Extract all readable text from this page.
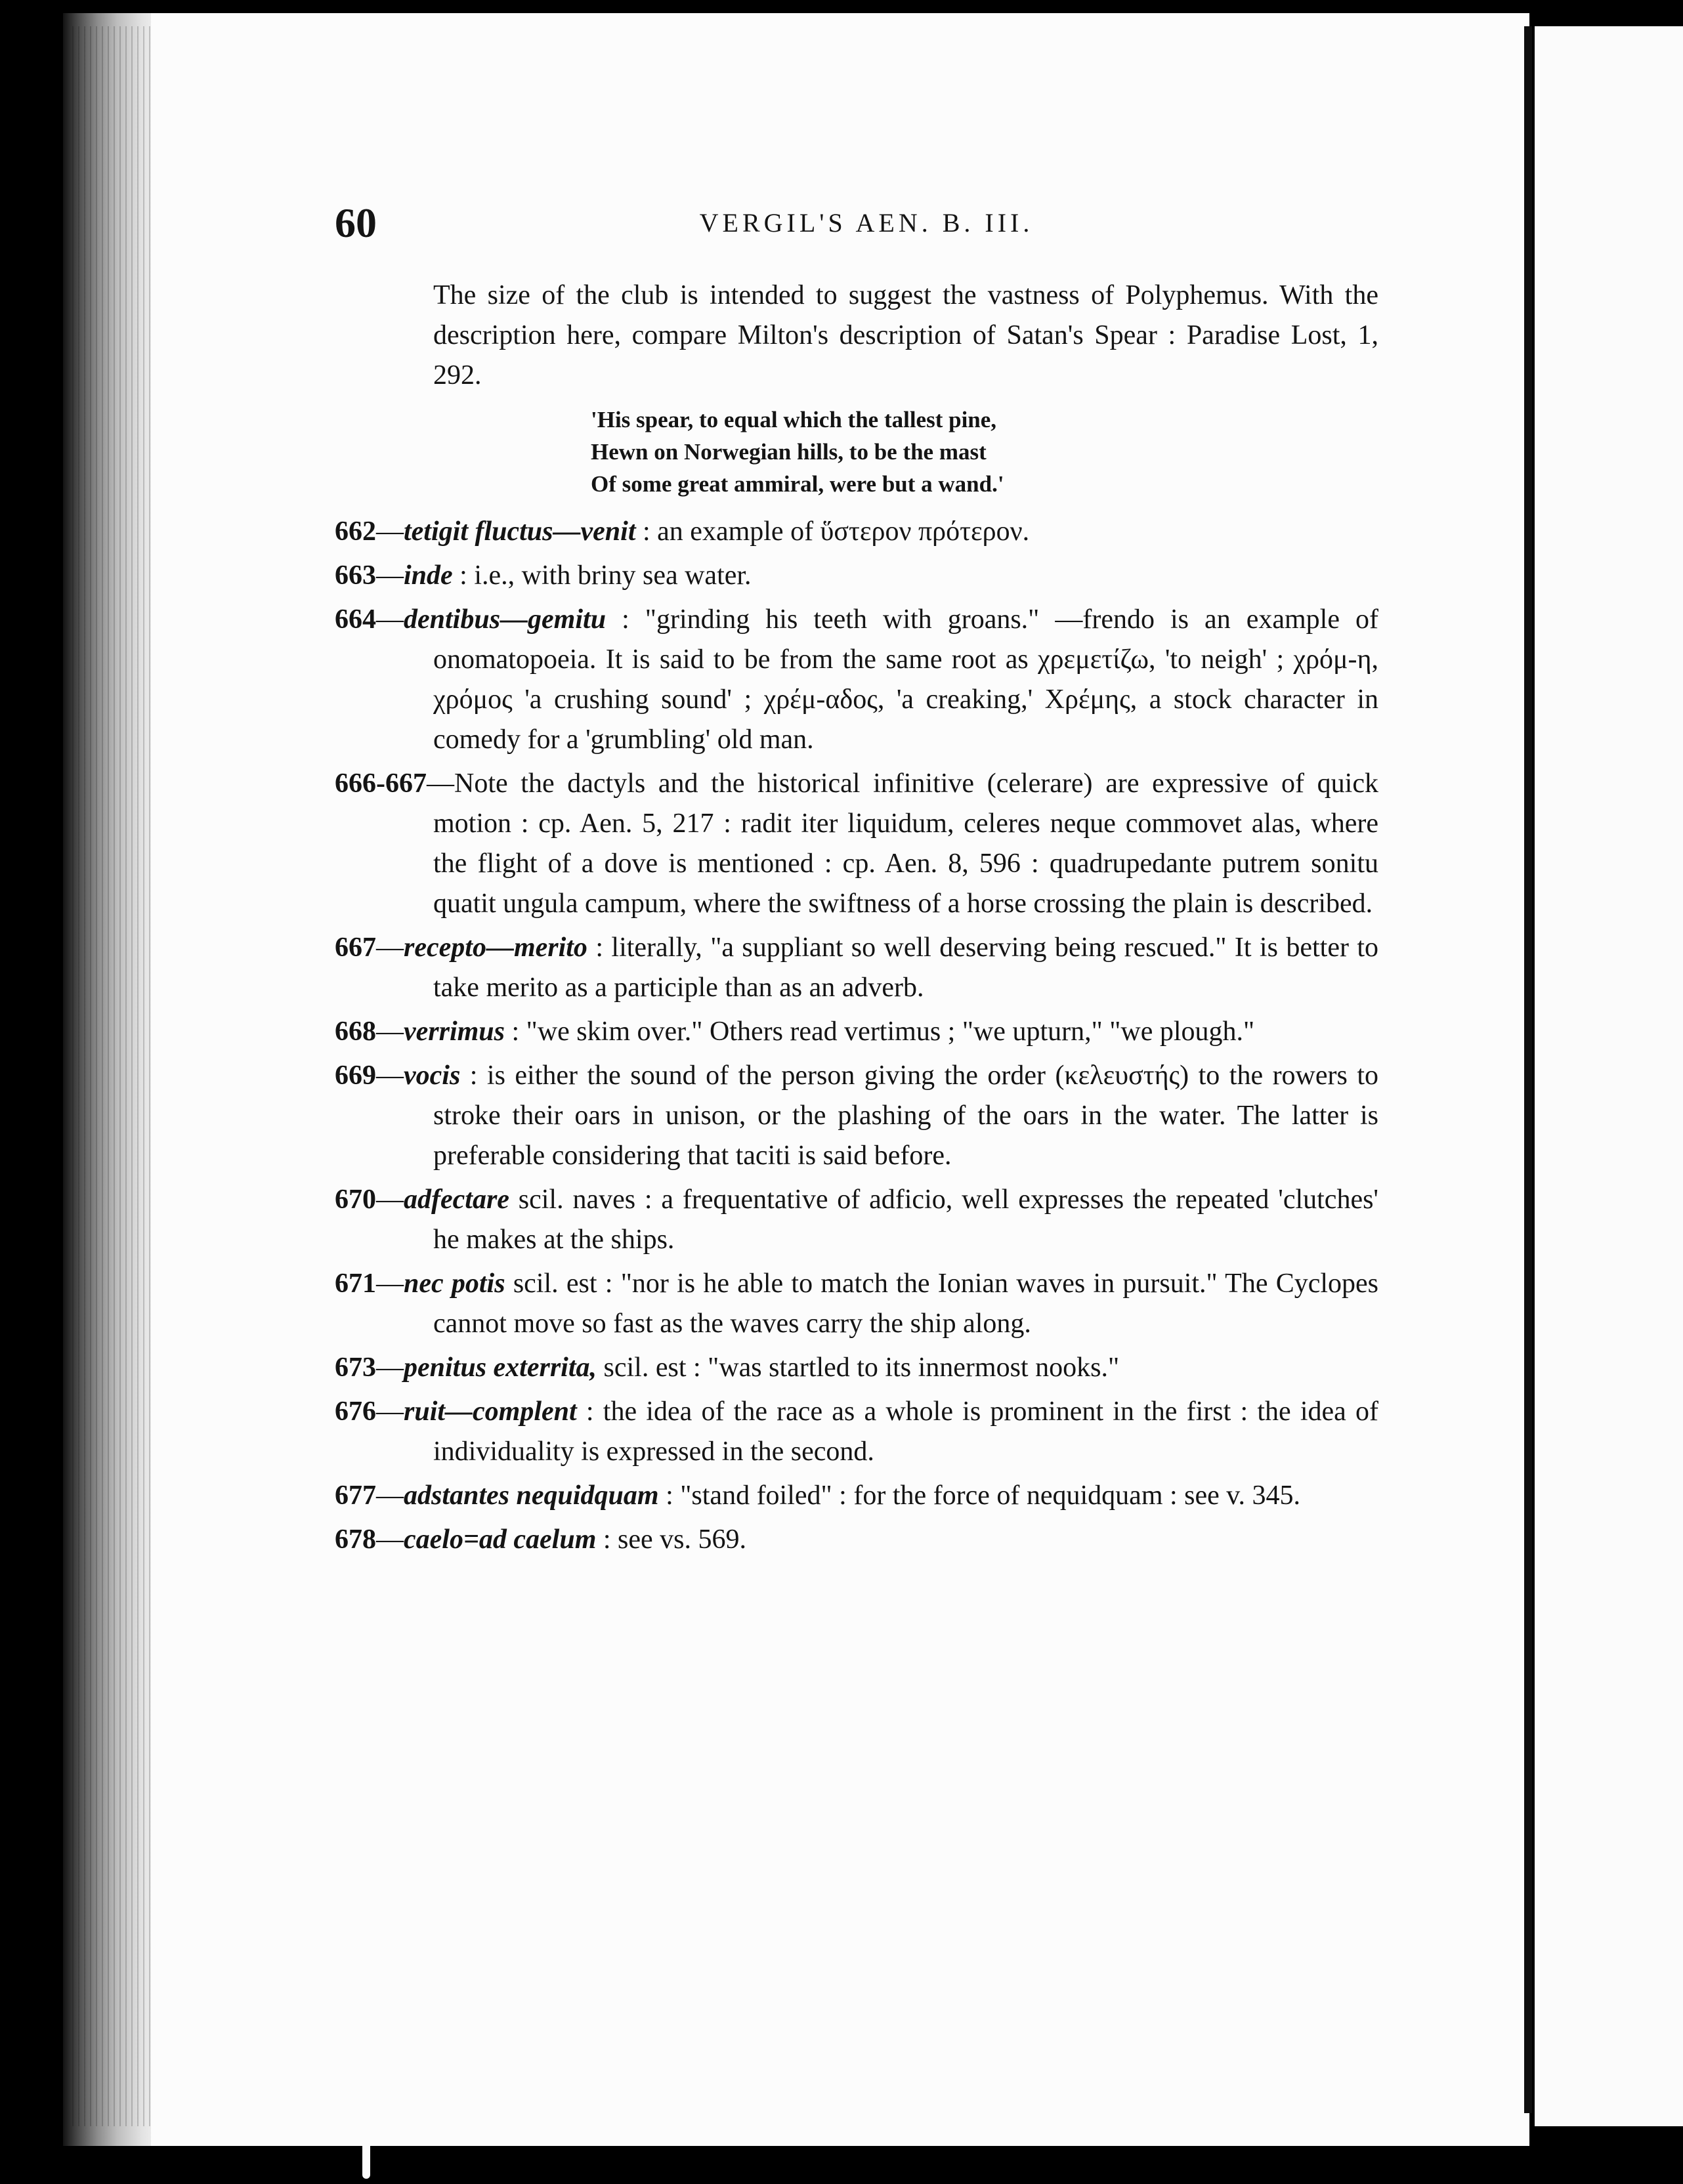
60	VERGIL'S AEN. B. III.

The size of the club is intended to suggest the vastness of Polyphemus. With the description here, compare Milton's description of Satan's Spear : Paradise Lost, 1, 292.

'His spear, to equal which the tallest pine,
Hewn on Norwegian hills, to be the mast
Of some great ammiral, were but a wand.'

662—tetigit fluctus—venit : an example of ὕστερον πρότερον.

663—inde : i.e., with briny sea water.

664—dentibus—gemitu : "grinding his teeth with groans." —frendo is an example of onomatopoeia. It is said to be from the same root as χρεμετίζω, 'to neigh' ; χρόμ-η, χρόμος 'a crushing sound' ; χρέμ-αδος, 'a creaking,' Χρέμης, a stock character in comedy for a 'grumbling' old man.

666-667—Note the dactyls and the historical infinitive (celerare) are expressive of quick motion : cp. Aen. 5, 217 : radit iter liquidum, celeres neque commovet alas, where the flight of a dove is mentioned : cp. Aen. 8, 596 : quadrupedante putrem sonitu quatit ungula campum, where the swiftness of a horse crossing the plain is described.

667—recepto—merito : literally, "a suppliant so well deserving being rescued." It is better to take merito as a participle than as an adverb.

668—verrimus : "we skim over." Others read vertimus ; "we upturn," "we plough."

669—vocis : is either the sound of the person giving the order (κελευστής) to the rowers to stroke their oars in unison, or the plashing of the oars in the water. The latter is preferable considering that taciti is said before.

670—adfectare scil. naves : a frequentative of adficio, well expresses the repeated 'clutches' he makes at the ships.

671—nec potis scil. est : "nor is he able to match the Ionian waves in pursuit." The Cyclopes cannot move so fast as the waves carry the ship along.

673—penitus exterrita, scil. est : "was startled to its innermost nooks."

676—ruit—complent : the idea of the race as a whole is prominent in the first : the idea of individuality is expressed in the second.

677—adstantes nequidquam : "stand foiled" : for the force of nequidquam : see v. 345.

678—caelo=ad caelum : see vs. 569.
